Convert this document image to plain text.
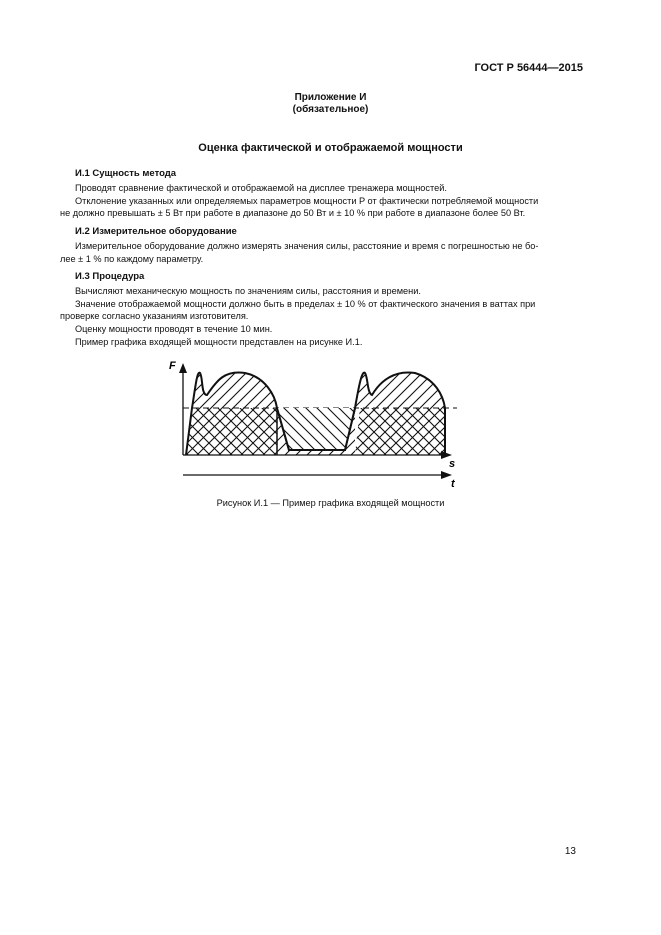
ГОСТ Р 56444—2015
Приложение И
(обязательное)
Оценка фактической и отображаемой мощности
И.1 Сущность метода
Проводят сравнение фактической и отображаемой на дисплее тренажера мощностей.
Отклонение указанных или определяемых параметров мощности P от фактически потребляемой мощности
не должно превышать ± 5 Вт при работе в диапазоне до 50 Вт и ± 10 % при работе в диапазоне более 50 Вт.
И.2 Измерительное оборудование
Измерительное оборудование должно измерять значения силы, расстояние и время с погрешностью не бо-
лее ± 1 % по каждому параметру.
И.3 Процедура
Вычисляют механическую мощность по значениям силы, расстояния и времени.
Значение отображаемой мощности должно быть в пределах ± 10 % от фактического значения в ваттах при
проверке согласно указаниям изготовителя.
Оценку мощности проводят в течение 10 мин.
Пример графика входящей мощности представлен на рисунке И.1.
F
s
t
Рисунок И.1 — Пример графика входящей мощности
13
